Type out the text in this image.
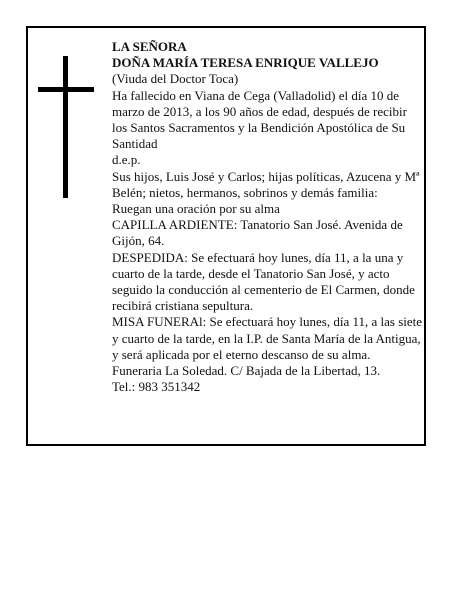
LA SEÑORA
DOÑA MARÍA TERESA ENRIQUE VALLEJO
(Viuda del Doctor Toca)
Ha fallecido en Viana de Cega (Valladolid) el día 10 de marzo de 2013, a los 90 años de edad, después de recibir los Santos Sacramentos y la Bendición Apostólica de Su Santidad
d.e.p.
Sus hijos, Luis José y Carlos; hijas políticas, Azucena y Mª Belén; nietos, hermanos, sobrinos y demás familia:
Ruegan una oración por su alma
CAPILLA ARDIENTE: Tanatorio San José. Avenida de Gijón, 64.
DESPEDIDA: Se efectuará hoy lunes, día 11, a la una y cuarto de la tarde, desde el Tanatorio San José, y acto seguido la conducción al cementerio de El Carmen, donde recibirá cristiana sepultura.
MISA FUNERAl: Se efectuará hoy lunes, día 11, a las siete y cuarto de la tarde, en la I.P. de Santa María de la Antigua, y será aplicada por el eterno descanso de su alma.
Funeraria La Soledad. C/ Bajada de la Libertad, 13.
Tel.: 983 351342
